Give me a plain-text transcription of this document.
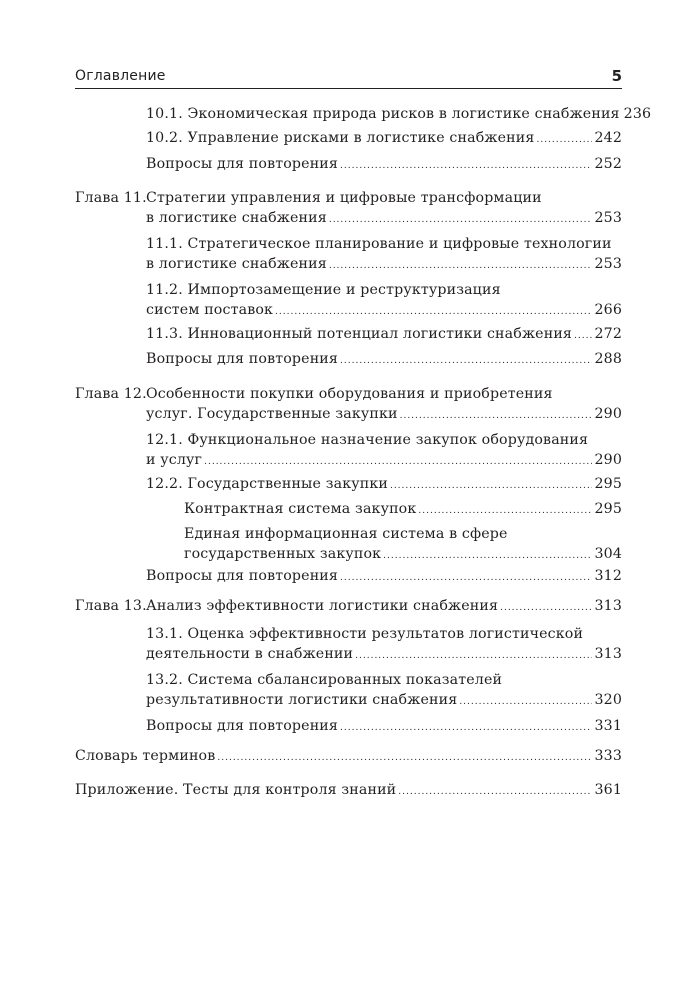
Оглавление	5
10.1. Экономическая природа рисков в логистике снабжения 236
10.2. Управление рисками в логистике снабжения .....	242
Вопросы для повторения .....	252
Глава 11. Стратегии управления и цифровые трансформации
в логистике снабжения .....	253
11.1. Стратегическое планирование и цифровые технологии
в логистике снабжения .....	253
11.2. Импортозамещение и реструктуризация
систем поставок .....	266
11.3. Инновационный потенциал логистики снабжения ..... 272
Вопросы для повторения .....	288
Глава 12. Особенности покупки оборудования и приобретения
услуг. Государственные закупки .....	290
12.1. Функциональное назначение закупок оборудования
и услуг .....	290
12.2. Государственные закупки .....	295
Контрактная система закупок .....	295
Единая информационная система в сфере
государственных закупок .....	304
Вопросы для повторения .....	312
Глава 13. Анализ эффективности логистики снабжения .....	313
13.1. Оценка эффективности результатов логистической
деятельности в снабжении .....	313
13.2. Система сбалансированных показателей
результативности логистики снабжения .....	320
Вопросы для повторения .....	331
Словарь терминов .....	333
Приложение. Тесты для контроля знаний .....	361
